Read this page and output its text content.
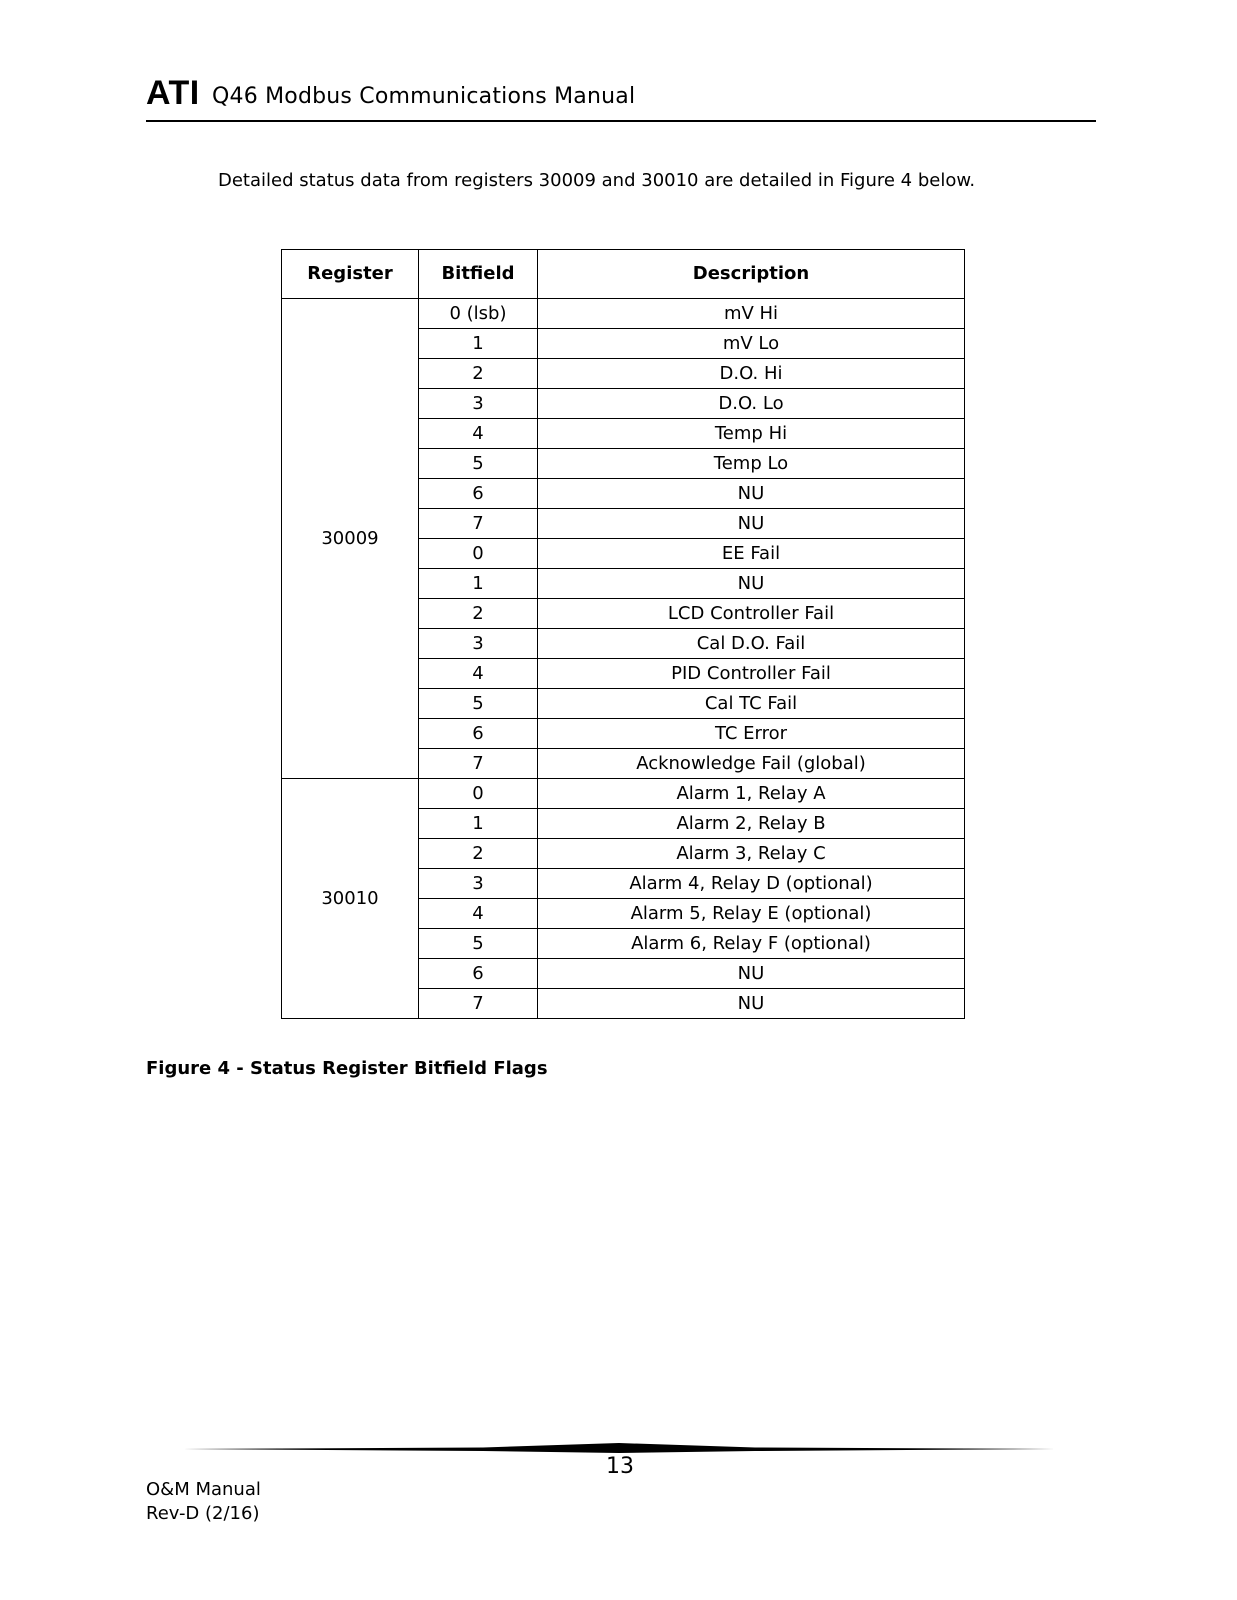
ATI Q46 Modbus Communications Manual
Detailed status data from registers 30009 and 30010 are detailed in Figure 4 below.
Register	Bitfield	Description
30009	0 (lsb)	mV Hi
	1	mV Lo
	2	D.O. Hi
	3	D.O. Lo
	4	Temp Hi
	5	Temp Lo
	6	NU
	7	NU
	0	EE Fail
	1	NU
	2	LCD Controller Fail
	3	Cal D.O. Fail
	4	PID Controller Fail
	5	Cal TC Fail
	6	TC Error
	7	Acknowledge Fail (global)
30010	0	Alarm 1, Relay A
	1	Alarm 2, Relay B
	2	Alarm 3, Relay C
	3	Alarm 4, Relay D (optional)
	4	Alarm 5, Relay E (optional)
	5	Alarm 6, Relay F (optional)
	6	NU
	7	NU
Figure 4 - Status Register Bitfield Flags
13
O&M Manual
Rev-D (2/16)
